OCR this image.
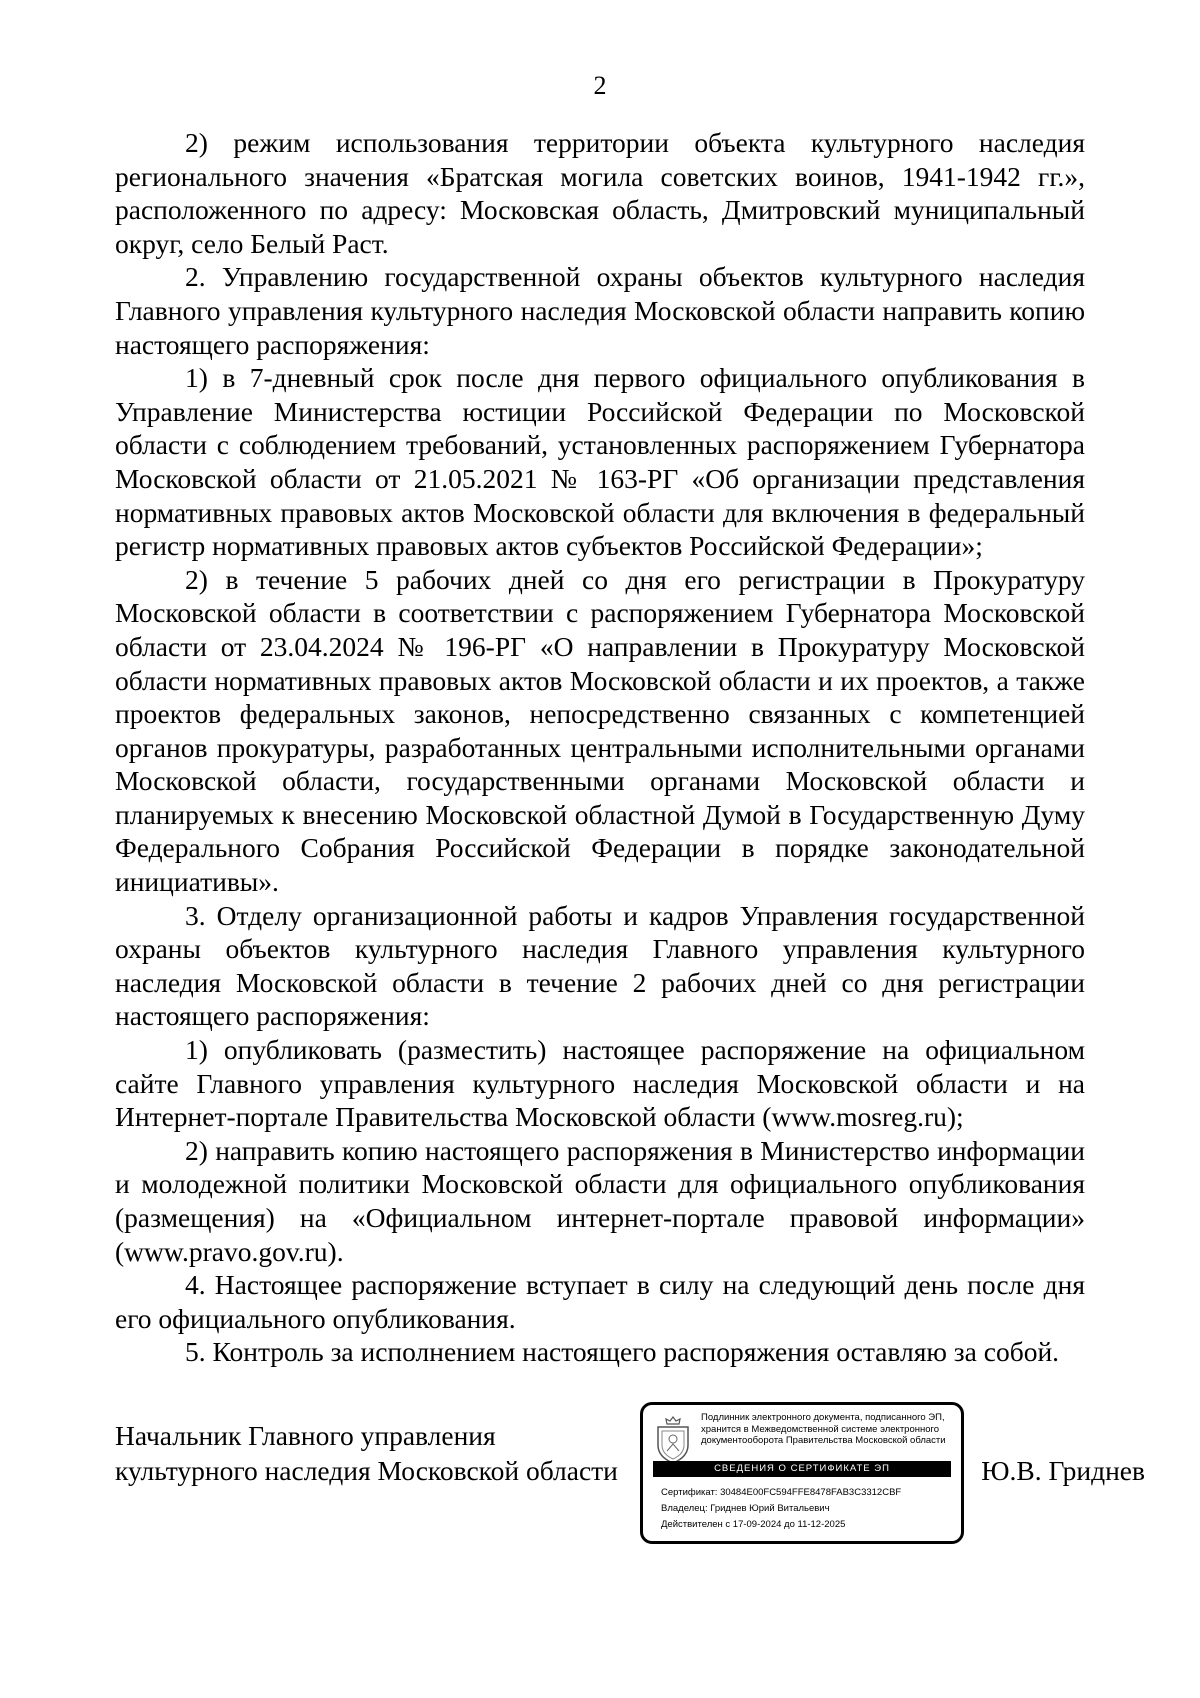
2

2) режим использования территории объекта культурного наследия регионального значения «Братская могила советских воинов, 1941-1942 гг.», расположенного по адресу: Московская область, Дмитровский муниципальный округ, село Белый Раст.

2. Управлению государственной охраны объектов культурного наследия Главного управления культурного наследия Московской области направить копию настоящего распоряжения:

1) в 7-дневный срок после дня первого официального опубликования в Управление Министерства юстиции Российской Федерации по Московской области с соблюдением требований, установленных распоряжением Губернатора Московской области от 21.05.2021 № 163-РГ «Об организации представления нормативных правовых актов Московской области для включения в федеральный регистр нормативных правовых актов субъектов Российской Федерации»;

2) в течение 5 рабочих дней со дня его регистрации в Прокуратуру Московской области в соответствии с распоряжением Губернатора Московской области от 23.04.2024 № 196-РГ «О направлении в Прокуратуру Московской области нормативных правовых актов Московской области и их проектов, а также проектов федеральных законов, непосредственно связанных с компетенцией органов прокуратуры, разработанных центральными исполнительными органами Московской области, государственными органами Московской области и планируемых к внесению Московской областной Думой в Государственную Думу Федерального Собрания Российской Федерации в порядке законодательной инициативы».

3. Отделу организационной работы и кадров Управления государственной охраны объектов культурного наследия Главного управления культурного наследия Московской области в течение 2 рабочих дней со дня регистрации настоящего распоряжения:

1) опубликовать (разместить) настоящее распоряжение на официальном сайте Главного управления культурного наследия Московской области и на Интернет-портале Правительства Московской области (www.mosreg.ru);

2) направить копию настоящего распоряжения в Министерство информации и молодежной политики Московской области для официального опубликования (размещения) на «Официальном интернет-портале правовой информации» (www.pravo.gov.ru).

4. Настоящее распоряжение вступает в силу на следующий день после дня его официального опубликования.

5. Контроль за исполнением настоящего распоряжения оставляю за собой.

Начальник Главного управления
культурного наследия Московской области
Подлинник электронного документа, подписанного ЭП,
хранится в Межведомственной системе электронного
документооборота Правительства Московской области
СВЕДЕНИЯ О СЕРТИФИКАТЕ ЭП
Сертификат: 30484E00FC594FFE8478FAB3C3312CBF
Владелец: Гриднев Юрий Витальевич
Действителен с 17-09-2024 до 11-12-2025
Ю.В. Гриднев
